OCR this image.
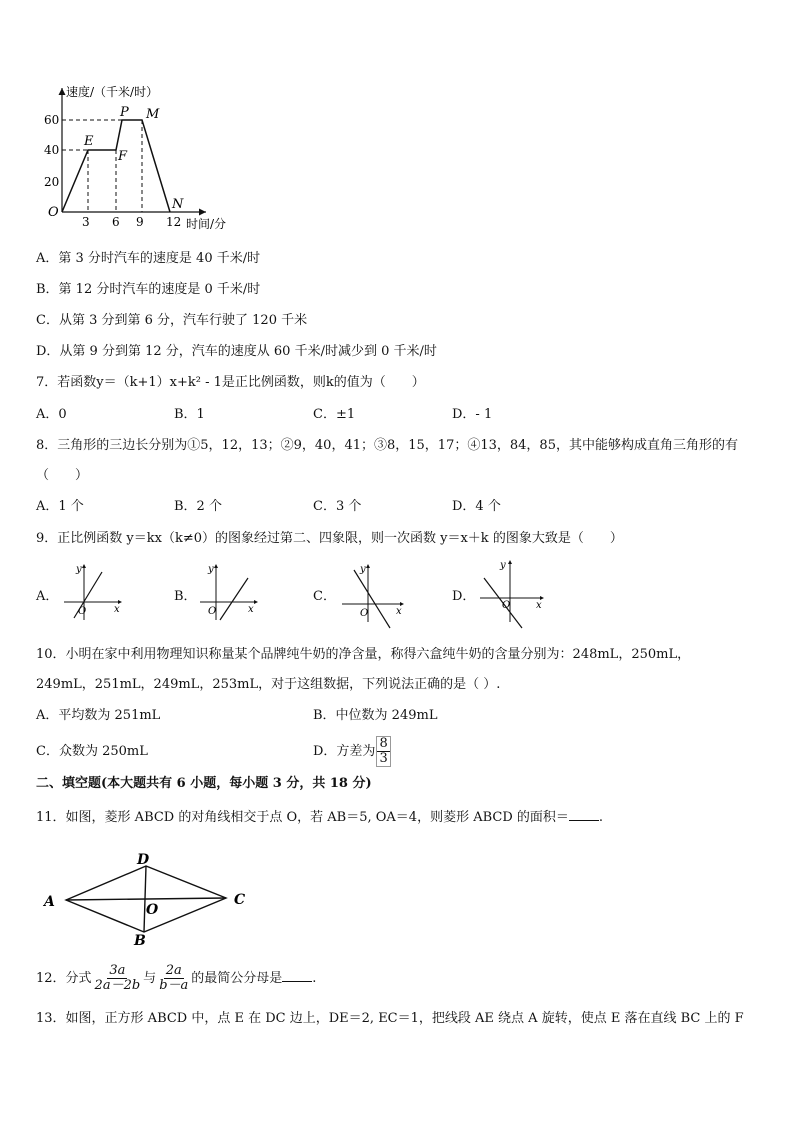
速度/（千米/时）
时间/分
O
60
40
20
3 6 9 12
E
F
P M
N
A．第 3 分时汽车的速度是 40 千米/时
B．第 12 分时汽车的速度是 0 千米/时
C．从第 3 分到第 6 分，汽车行驶了 120 千米
D．从第 9 分到第 12 分，汽车的速度从 60 千米/时减少到 0 千米/时
7．若函数y＝（k+1）x+k² - 1是正比例函数，则k的值为（　　）
A．0	B．1	C．±1	D．- 1
8．三角形的三边长分别为①5，12，13；②9，40，41；③8，15，17；④13，84，85，其中能够构成直角三角形的有
（　　）
A．1 个	B．2 个	C．3 个	D．4 个
9．正比例函数 y＝kx（k≠0）的图象经过第二、四象限，则一次函数 y＝x＋k 的图象大致是（　　）
A．
y
x
O
B．
y
x
O
C．
y
x
O
D．
y
x
O
10．小明在家中利用物理知识称量某个品牌纯牛奶的净含量，称得六盒纯牛奶的含量分别为：248mL，250mL，
249mL，251mL，249mL，253mL，对于这组数据，下列说法正确的是（ ）.
A．平均数为 251mL	B．中位数为 249mL
C．众数为 250mL	D．方差为 $\frac{8}{3}$
二、填空题(本大题共有 6 小题，每小题 3 分，共 18 分)
11．如图，菱形 ABCD 的对角线相交于点 O，若 AB＝5, OA＝4，则菱形 ABCD 的面积＝ .
A
B
C
D
O
12．分式 $\frac{3a}{2a-2b}$ 与 $\frac{2a}{b-a}$ 的最简公分母是 .
13．如图，正方形 ABCD 中，点 E 在 DC 边上，DE＝2, EC＝1，把线段 AE 绕点 A 旋转，使点 E 落在直线 BC 上的 F
